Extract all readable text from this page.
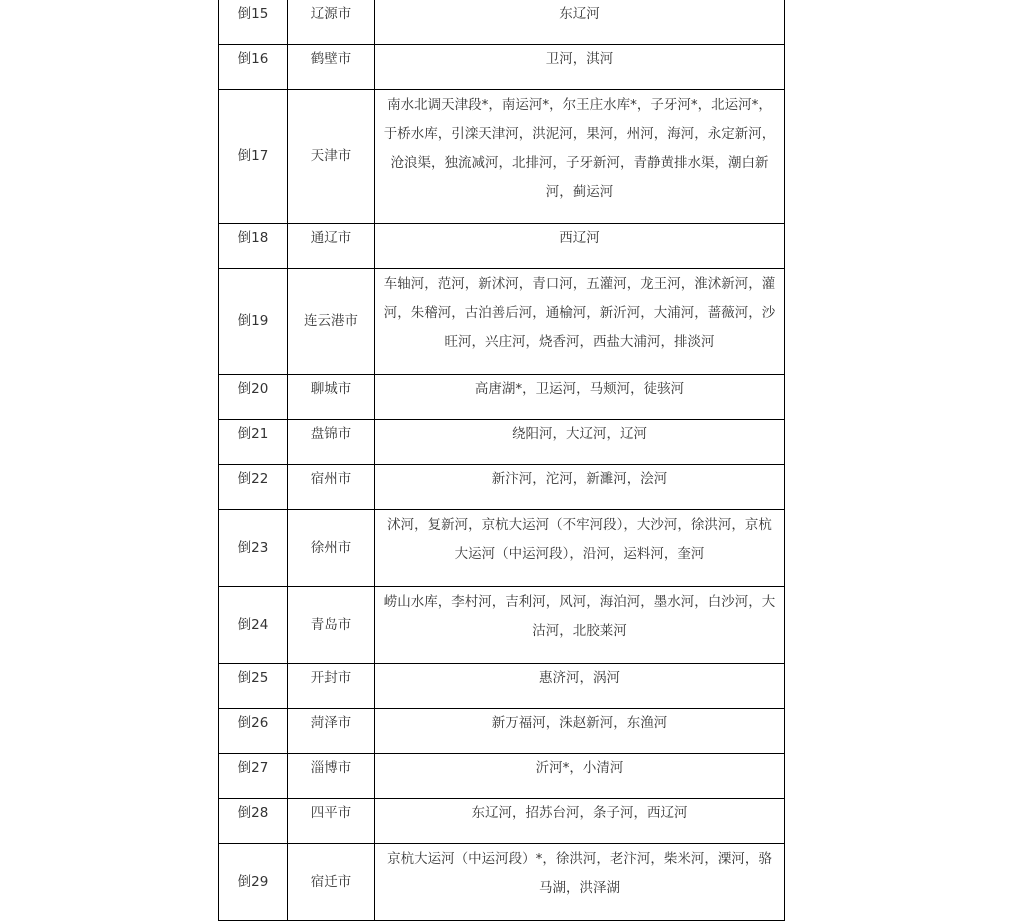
倒15	辽源市	东辽河
倒16	鹤壁市	卫河，淇河
倒17	天津市	南水北调天津段*，南运河*，尔王庄水库*，子牙河*，北运河*，于桥水库，引滦天津河，洪泥河，果河，州河，海河，永定新河，沧浪渠，独流减河，北排河，子牙新河，青静黄排水渠，潮白新河，蓟运河
倒18	通辽市	西辽河
倒19	连云港市	车轴河，范河，新沭河，青口河，五灌河，龙王河，淮沭新河，灌河，朱稽河，古泊善后河，通榆河，新沂河，大浦河，蔷薇河，沙旺河，兴庄河，烧香河，西盐大浦河，排淡河
倒20	聊城市	高唐湖*，卫运河，马颊河，徒骇河
倒21	盘锦市	绕阳河，大辽河，辽河
倒22	宿州市	新汴河，沱河，新濉河，浍河
倒23	徐州市	沭河，复新河，京杭大运河（不牢河段），大沙河，徐洪河，京杭大运河（中运河段），沿河，运料河，奎河
倒24	青岛市	崂山水库，李村河，吉利河，风河，海泊河，墨水河，白沙河，大沽河，北胶莱河
倒25	开封市	惠济河，涡河
倒26	菏泽市	新万福河，洙赵新河，东渔河
倒27	淄博市	沂河*，小清河
倒28	四平市	东辽河，招苏台河，条子河，西辽河
倒29	宿迁市	京杭大运河（中运河段）*，徐洪河，老汴河，柴米河，溧河，骆马湖，洪泽湖
